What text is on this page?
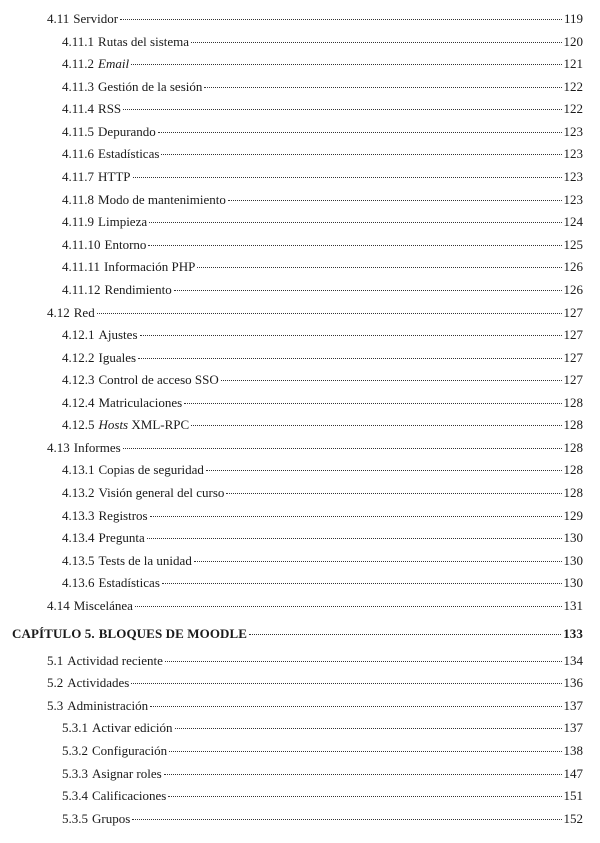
4.11 Servidor	119
4.11.1 Rutas del sistema	120
4.11.2 Email	121
4.11.3 Gestión de la sesión	122
4.11.4 RSS	122
4.11.5 Depurando	123
4.11.6 Estadísticas	123
4.11.7 HTTP	123
4.11.8 Modo de mantenimiento	123
4.11.9 Limpieza	124
4.11.10 Entorno	125
4.11.11 Información PHP	126
4.11.12 Rendimiento	126
4.12 Red	127
4.12.1 Ajustes	127
4.12.2 Iguales	127
4.12.3 Control de acceso SSO	127
4.12.4 Matriculaciones	128
4.12.5 Hosts XML-RPC	128
4.13 Informes	128
4.13.1 Copias de seguridad	128
4.13.2 Visión general del curso	128
4.13.3 Registros	129
4.13.4 Pregunta	130
4.13.5 Tests de la unidad	130
4.13.6 Estadísticas	130
4.14 Miscelánea	131
CAPÍTULO 5. BLOQUES DE MOODLE	133
5.1 Actividad reciente	134
5.2 Actividades	136
5.3 Administración	137
5.3.1 Activar edición	137
5.3.2 Configuración	138
5.3.3 Asignar roles	147
5.3.4 Calificaciones	151
5.3.5 Grupos	152
